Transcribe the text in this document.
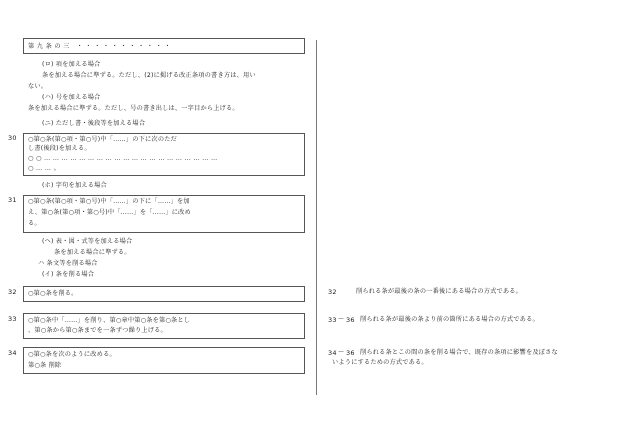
第九条の三 ・・・・・・・・・・・
(ロ) 項を加える場合
条を加える場合に準ずる。ただし、(2)に掲げる改正条項の書き方は、用い
ない。
(ハ) 号を加える場合
条を加える場合に準ずる。ただし、号の書き出しは、一字目から上げる。
(ニ) ただし書・後段等を加える場合
30 ○第○条(第○項・第○号)中「……」の下に次のただ
し書(後段)を加える。
○○……………………………………………………
○……。
(ホ) 字句を加える場合
31 ○第○条(第○項・第○号)中「……」の下に「……」を加
え、第○条(第○項・第○号)中「……」を「……」に改め
る。
(ヘ) 表・図・式等を加える場合
条を加える場合に準ずる。
ハ 条文等を削る場合
(イ) 条を削る場合
32 ○第○条を削る。
33 ○第○条中「……」を削り、第○章中第○条を第○条とし
、第○条から第○条までを一条ずつ繰り上げる。
34 ○第○条を次のように改める。
第○条 削除
32	削られる条が最後の条の一番後にある場合の方式である。
33 ～ 36 削られる条が最後の条より前の箇所にある場合の方式である。
34 ～ 36 削られる条とこの間の条を削る場合で、既存の条項に影響を及ぼさな
いようにするための方式である。
